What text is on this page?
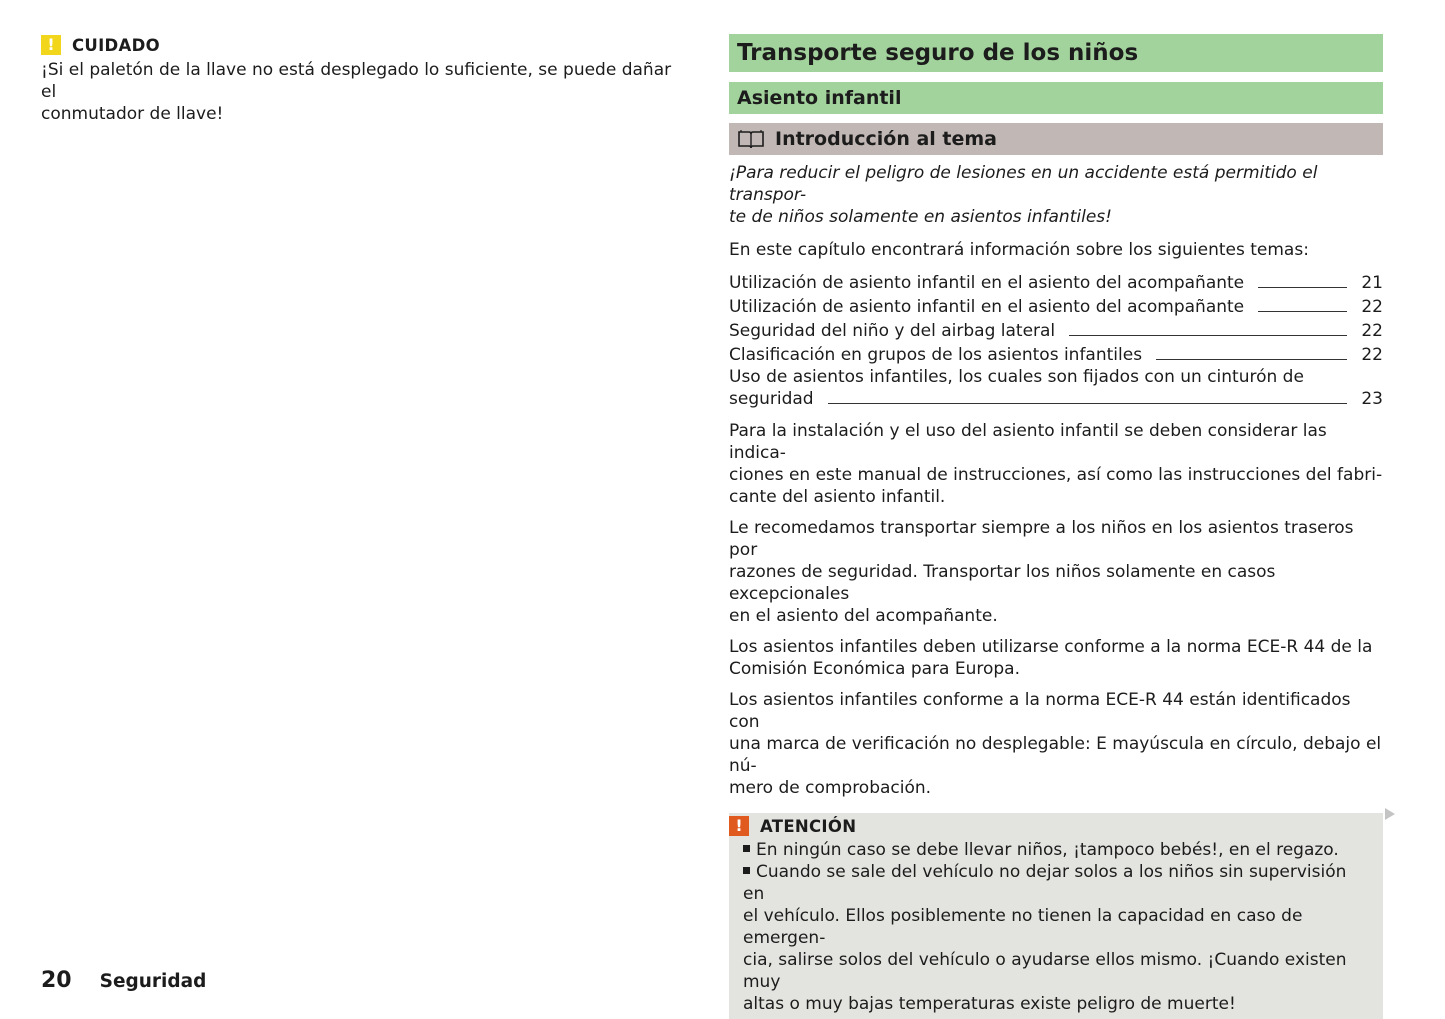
!	CUIDADO
¡Si el paletón de la llave no está desplegado lo suficiente, se puede dañar el
conmutador de llave!
Transporte seguro de los niños
Asiento infantil
Introducción al tema
¡Para reducir el peligro de lesiones en un accidente está permitido el transpor-
te de niños solamente en asientos infantiles!

En este capítulo encontrará información sobre los siguientes temas:

Utilización de asiento infantil en el asiento del acompañante	21
Utilización de asiento infantil en el asiento del acompañante	22
Seguridad del niño y del airbag lateral	22
Clasificación en grupos de los asientos infantiles	22
Uso de asientos infantiles, los cuales son fijados con un cinturón de
seguridad	23
Para la instalación y el uso del asiento infantil se deben considerar las indica-
ciones en este manual de instrucciones, así como las instrucciones del fabri-
cante del asiento infantil.
Le recomedamos transportar siempre a los niños en los asientos traseros por
razones de seguridad. Transportar los niños solamente en casos excepcionales
en el asiento del acompañante.
Los asientos infantiles deben utilizarse conforme a la norma ECE-R 44 de la
Comisión Económica para Europa.
Los asientos infantiles conforme a la norma ECE-R 44 están identificados con
una marca de verificación no desplegable: E mayúscula en círculo, debajo el nú-
mero de comprobación.
!	ATENCIÓN
En ningún caso se debe llevar niños, ¡tampoco bebés!, en el regazo.
Cuando se sale del vehículo no dejar solos a los niños sin supervisión en
el vehículo. Ellos posiblemente no tienen la capacidad en caso de emergen-
cia, salirse solos del vehículo o ayudarse ellos mismo. ¡Cuando existen muy
altas o muy bajas temperaturas existe peligro de muerte!
20 Seguridad
